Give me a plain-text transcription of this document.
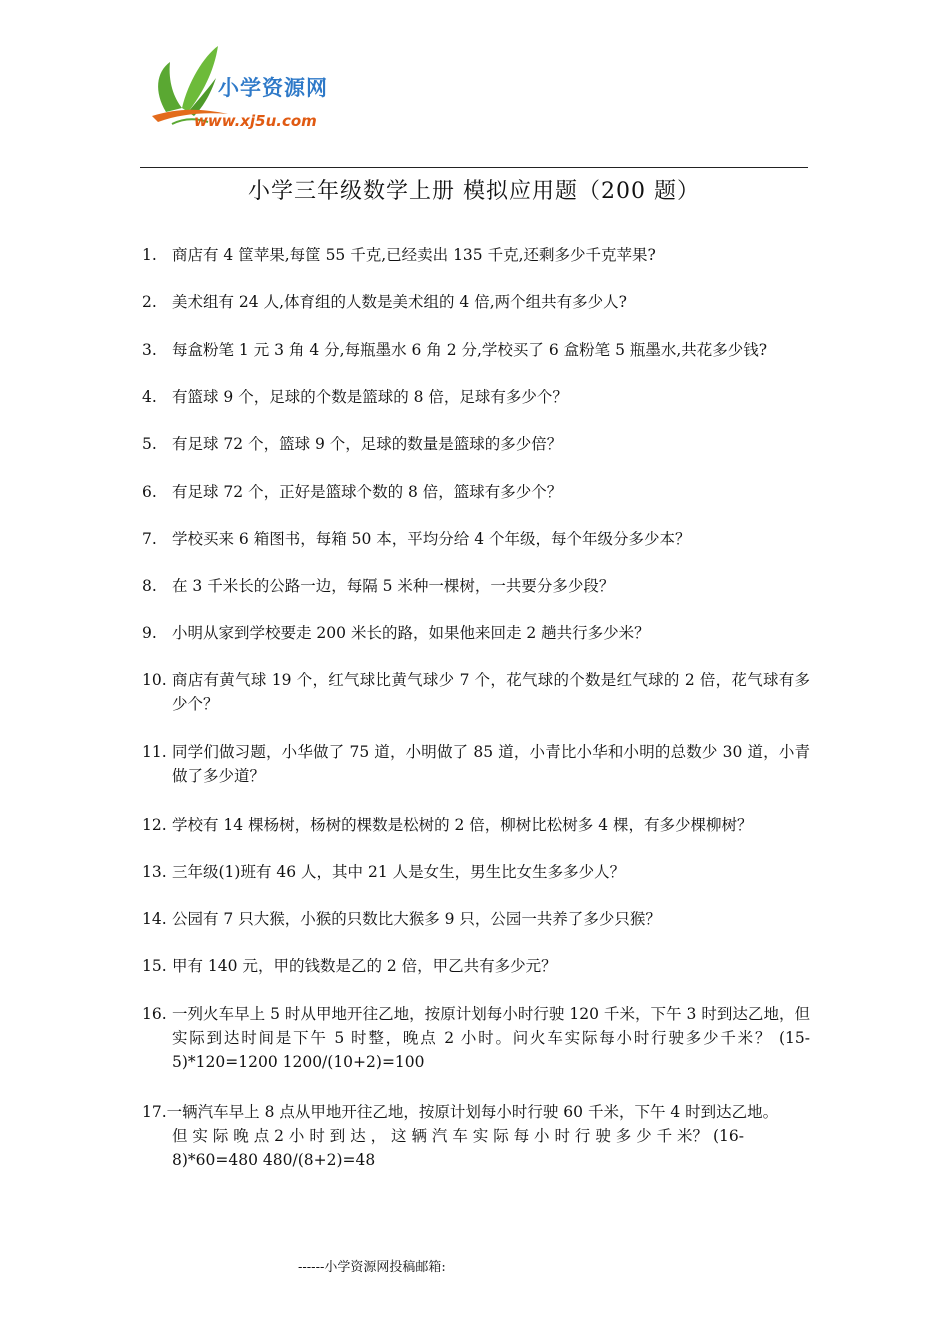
小学资源网
www.xj5u.com
小学三年级数学上册 模拟应用题（200 题）
1. 商店有 4 筐苹果,每筐 55 千克,已经卖出 135 千克,还剩多少千克苹果?
2. 美术组有 24 人,体育组的人数是美术组的 4 倍,两个组共有多少人?
3. 每盒粉笔 1 元 3 角 4 分,每瓶墨水 6 角 2 分,学校买了 6 盒粉笔 5 瓶墨水,共花多少钱?
4. 有篮球 9 个，足球的个数是篮球的 8 倍，足球有多少个？
5. 有足球 72 个，篮球 9 个，足球的数量是篮球的多少倍？
6. 有足球 72 个，正好是篮球个数的 8 倍，篮球有多少个？
7. 学校买来 6 箱图书，每箱 50 本，平均分给 4 个年级，每个年级分多少本？
8. 在 3 千米长的公路一边，每隔 5 米种一棵树，一共要分多少段？
9. 小明从家到学校要走 200 米长的路，如果他来回走 2 趟共行多少米？
10. 商店有黄气球 19 个，红气球比黄气球少 7 个，花气球的个数是红气球的 2 倍，花气球有多少个？
11. 同学们做习题，小华做了 75 道，小明做了 85 道，小青比小华和小明的总数少 30 道，小青做了多少道？
12. 学校有 14 棵杨树，杨树的棵数是松树的 2 倍，柳树比松树多 4 棵，有多少棵柳树？
13. 三年级(1)班有 46 人，其中 21 人是女生，男生比女生多多少人？
14. 公园有 7 只大猴，小猴的只数比大猴多 9 只，公园一共养了多少只猴？
15. 甲有 140 元，甲的钱数是乙的 2 倍，甲乙共有多少元？
16. 一列火车早上 5 时从甲地开往乙地，按原计划每小时行驶 120 千米，下午 3 时到达乙地，但实际到达时间是下午 5 时整，晚点 2 小时。问火车实际每小时行驶多少千米？ (15-5)*120=1200 1200/(10+2)=100
17.一辆汽车早上 8 点从甲地开往乙地，按原计划每小时行驶 60 千米，下午 4 时到达乙地。
但 实 际 晚 点 2 小 时 到 达 ， 这 辆 汽 车 实 际 每 小 时 行 驶 多 少 千 米？ (16-8)*60=480 480/(8+2)=48
------小学资源网投稿邮箱:
